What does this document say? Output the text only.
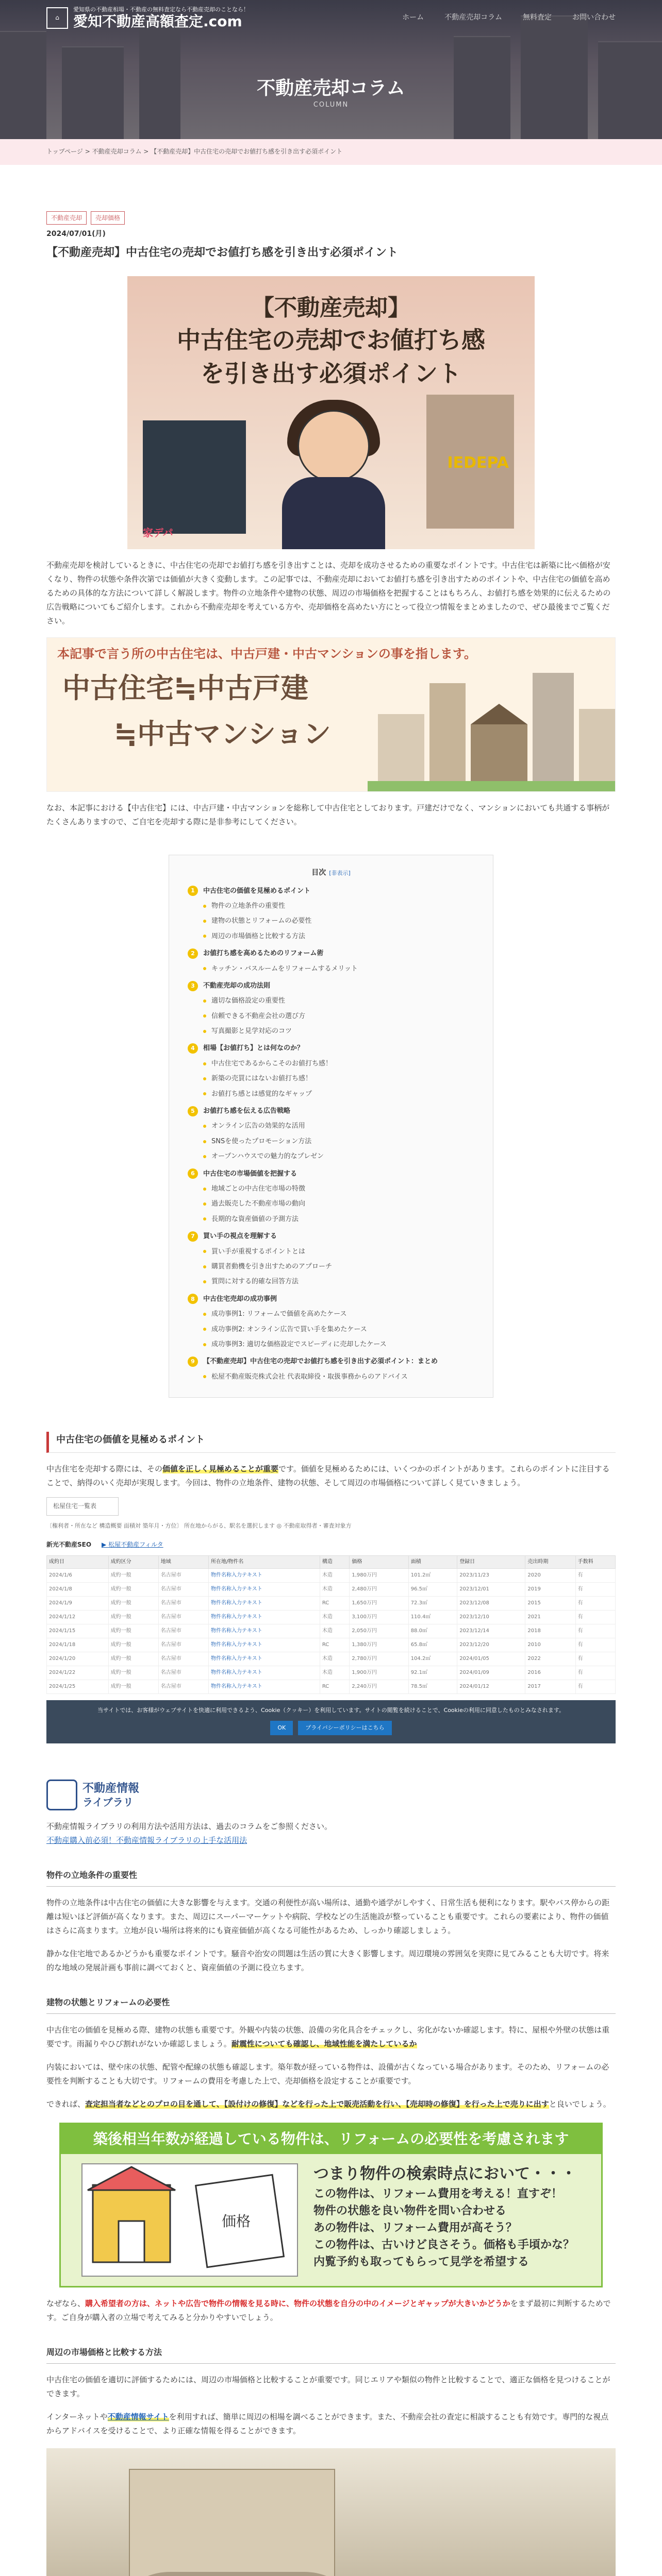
⌂
愛知県の不動産相場・不動産の無料査定なら不動産売却のことなら！
愛知不動産高額査定.com	ホーム	不動産売却コラム	無料査定	お問い合わせ
不動産売却コラム
COLUMN
トップページ > 不動産売却コラム > 【不動産売却】中古住宅の売却でお値打ち感を引き出す必須ポイント
不動産売却	売却価格
2024/07/01(月)
【不動産売却】中古住宅の売却でお値打ち感を引き出す必須ポイント
【不動産売却】
中古住宅の売却でお値打ち感を引き出す必須ポイント
家デパ
IEDEPA

不動産売却を検討しているときに、中古住宅の売却でお値打ち感を引き出すことは、売却を成功させるための重要なポイントです。中古住宅は新築に比べ価格が安くなり、物件の状態や条件次第では価値が大きく変動します。この記事では、不動産売却においてお値打ち感を引き出すためのポイントや、中古住宅の価値を高めるための具体的な方法について詳しく解説します。物件の立地条件や建物の状態、周辺の市場価格を把握することはもちろん、お値打ち感を効果的に伝えるための広告戦略についてもご紹介します。これから不動産売却を考えている方や、売却価格を高めたい方にとって役立つ情報をまとめましたので、ぜひ最後までご覧ください。

本記事で言う所の中古住宅は、中古戸建・中古マンションの事を指します。
中古住宅≒中古戸建
≒中古マンション

なお、本記事における【中古住宅】には、中古戸建・中古マンションを総称して中古住宅としております。戸建だけでなく、マンションにおいても共通する事柄がたくさんありますので、ご自宅を売却する際に是非参考にしてください。

目次 [非表示]
1	中古住宅の価値を見極めるポイント
物件の立地条件の重要性
建物の状態とリフォームの必要性
周辺の市場価格と比較する方法
2	お値打ち感を高めるためのリフォーム術
キッチン・バスルームをリフォームするメリット
3	不動産売却の成功法則
適切な価格設定の重要性
信頼できる不動産会社の選び方
写真撮影と見学対応のコツ
4	相場【お値打ち】とは何なのか？
中古住宅であるからこそのお値打ち感！
新築の売買にはないお値打ち感！
お値打ち感とは感覚的なギャップ
5	お値打ち感を伝える広告戦略
オンライン広告の効果的な活用
SNSを使ったプロモーション方法
オープンハウスでの魅力的なプレゼン
6	中古住宅の市場価値を把握する
地域ごとの中古住宅市場の特徴
過去販売した不動産市場の動向
長期的な資産価値の予測方法
7	買い手の視点を理解する
買い手が重視するポイントとは
購買者動機を引き出すためのアプローチ
質問に対する的確な回答方法
8	中古住宅売却の成功事例
成功事例1: リフォームで価値を高めたケース
成功事例2: オンライン広告で買い手を集めたケース
成功事例3: 適切な価格設定でスピーディに売却したケース
9	【不動産売却】中古住宅の売却でお値打ち感を引き出す必須ポイント：まとめ
松屋不動産販売株式会社 代表取締役・取扱事務からのアドバイス
中古住宅の価値を見極めるポイント

中古住宅を売却する際には、その価値を正しく見極めることが重要です。価値を見極めるためには、いくつかのポイントがあります。これらのポイントに注目することで、納得のいく売却が実現します。今回は、物件の立地条件、建物の状態、そして周辺の市場価格について詳しく見ていきましょう。

松屋住宅一覧表
〔権利者・所在など 構造概要 面積対 築年月・方位〕 所在地からがる、駅名を選択します ◎ 不動産取得者・審査対象方
新光不動産SEO ▶ 松屋不動産フィルタ
成約日	成約区分	地域	所在地/物件名	構造	価格	面積	登録日	売出時期	手数料
2024/1/6	成約一般	名古屋市	物件名称入力テキスト	木造	1,980万円	101.2㎡	2023/11/23	2020	有
2024/1/8	成約一般	名古屋市	物件名称入力テキスト	木造	2,480万円	96.5㎡	2023/12/01	2019	有
2024/1/9	成約一般	名古屋市	物件名称入力テキスト	RC	1,650万円	72.3㎡	2023/12/08	2015	有
2024/1/12	成約一般	名古屋市	物件名称入力テキスト	木造	3,100万円	110.4㎡	2023/12/10	2021	有
2024/1/15	成約一般	名古屋市	物件名称入力テキスト	木造	2,050万円	88.0㎡	2023/12/14	2018	有
2024/1/18	成約一般	名古屋市	物件名称入力テキスト	RC	1,380万円	65.8㎡	2023/12/20	2010	有
2024/1/20	成約一般	名古屋市	物件名称入力テキスト	木造	2,780万円	104.2㎡	2024/01/05	2022	有
2024/1/22	成約一般	名古屋市	物件名称入力テキスト	木造	1,900万円	92.1㎡	2024/01/09	2016	有
2024/1/25	成約一般	名古屋市	物件名称入力テキスト	RC	2,240万円	78.5㎡	2024/01/12	2017	有
当サイトでは、お客様がウェブサイトを快適に利用できるよう、Cookie（クッキー）を利用しています。サイトの閲覧を続けることで、Cookieの利用に同意したものとみなされます。
OK	プライバシーポリシーはこちら
不動産情報
ライブラリ

不動産情報ライブラリの利用方法や活用方法は、過去のコラムをご参照ください。

不動産購入前必須！不動産情報ライブラリの上手な活用法
物件の立地条件の重要性

物件の立地条件は中古住宅の価値に大きな影響を与えます。交通の利便性が高い場所は、通勤や通学がしやすく、日常生活も便利になります。駅やバス停からの距離は短いほど評価が高くなります。また、周辺にスーパーマーケットや病院、学校などの生活施設が整っていることも重要です。これらの要素により、物件の価値はさらに高まります。立地が良い場所は将来的にも資産価値が高くなる可能性があるため、しっかり確認しましょう。

静かな住宅地であるかどうかも重要なポイントです。騒音や治安の問題は生活の質に大きく影響します。周辺環境の雰囲気を実際に見てみることも大切です。将来的な地域の発展計画も事前に調べておくと、資産価値の予測に役立ちます。

建物の状態とリフォームの必要性

中古住宅の価値を見極める際、建物の状態も重要です。外観や内装の状態、設備の劣化具合をチェックし、劣化がないか確認します。特に、屋根や外壁の状態は重要です。雨漏りやひび割れがないか確認しましょう。耐震性についても確認し、地域性能を満たしているか

内装においては、壁や床の状態、配管や配線の状態も確認します。築年数が経っている物件は、設備が古くなっている場合があります。そのため、リフォームの必要性を判断することも大切です。リフォームの費用を考慮した上で、売却価格を設定することが重要です。

できれば、査定担当者などとのプロの目を通して、【設付けの修復】などを行った上で販売活動を行い、【売却時の修復】を行った上で売りに出すと良いでしょう。

築後相当年数が経過している物件は、リフォームの必要性を考慮されます
価格
つまり物件の検索時点において・・・
この物件は、リフォーム費用を考える！直すぞ！
物件の状態を良い物件を問い合わせる
あの物件は、リフォーム費用が高そう？
この物件は、古いけど良さそう。価格も手頃かな？
内覧予約も取ってもらって見学を希望する

なぜなら、購入希望者の方は、ネットや広告で物件の情報を見る時に、物件の状態を自分の中のイメージとギャップが大きいかどうかをまず最初に判断するためです。ご自身が購入者の立場で考えてみると分かりやすいでしょう。

周辺の市場価格と比較する方法

中古住宅の価値を適切に評価するためには、周辺の市場価格と比較することが重要です。同じエリアや類似の物件と比較することで、適正な価格を見つけることができます。

インターネットや不動産情報サイトを利用すれば、簡単に周辺の相場を調べることができます。また、不動産会社の査定に相談することも有効です。専門的な視点からアドバイスを受けることで、より正確な情報を得ることができます。
